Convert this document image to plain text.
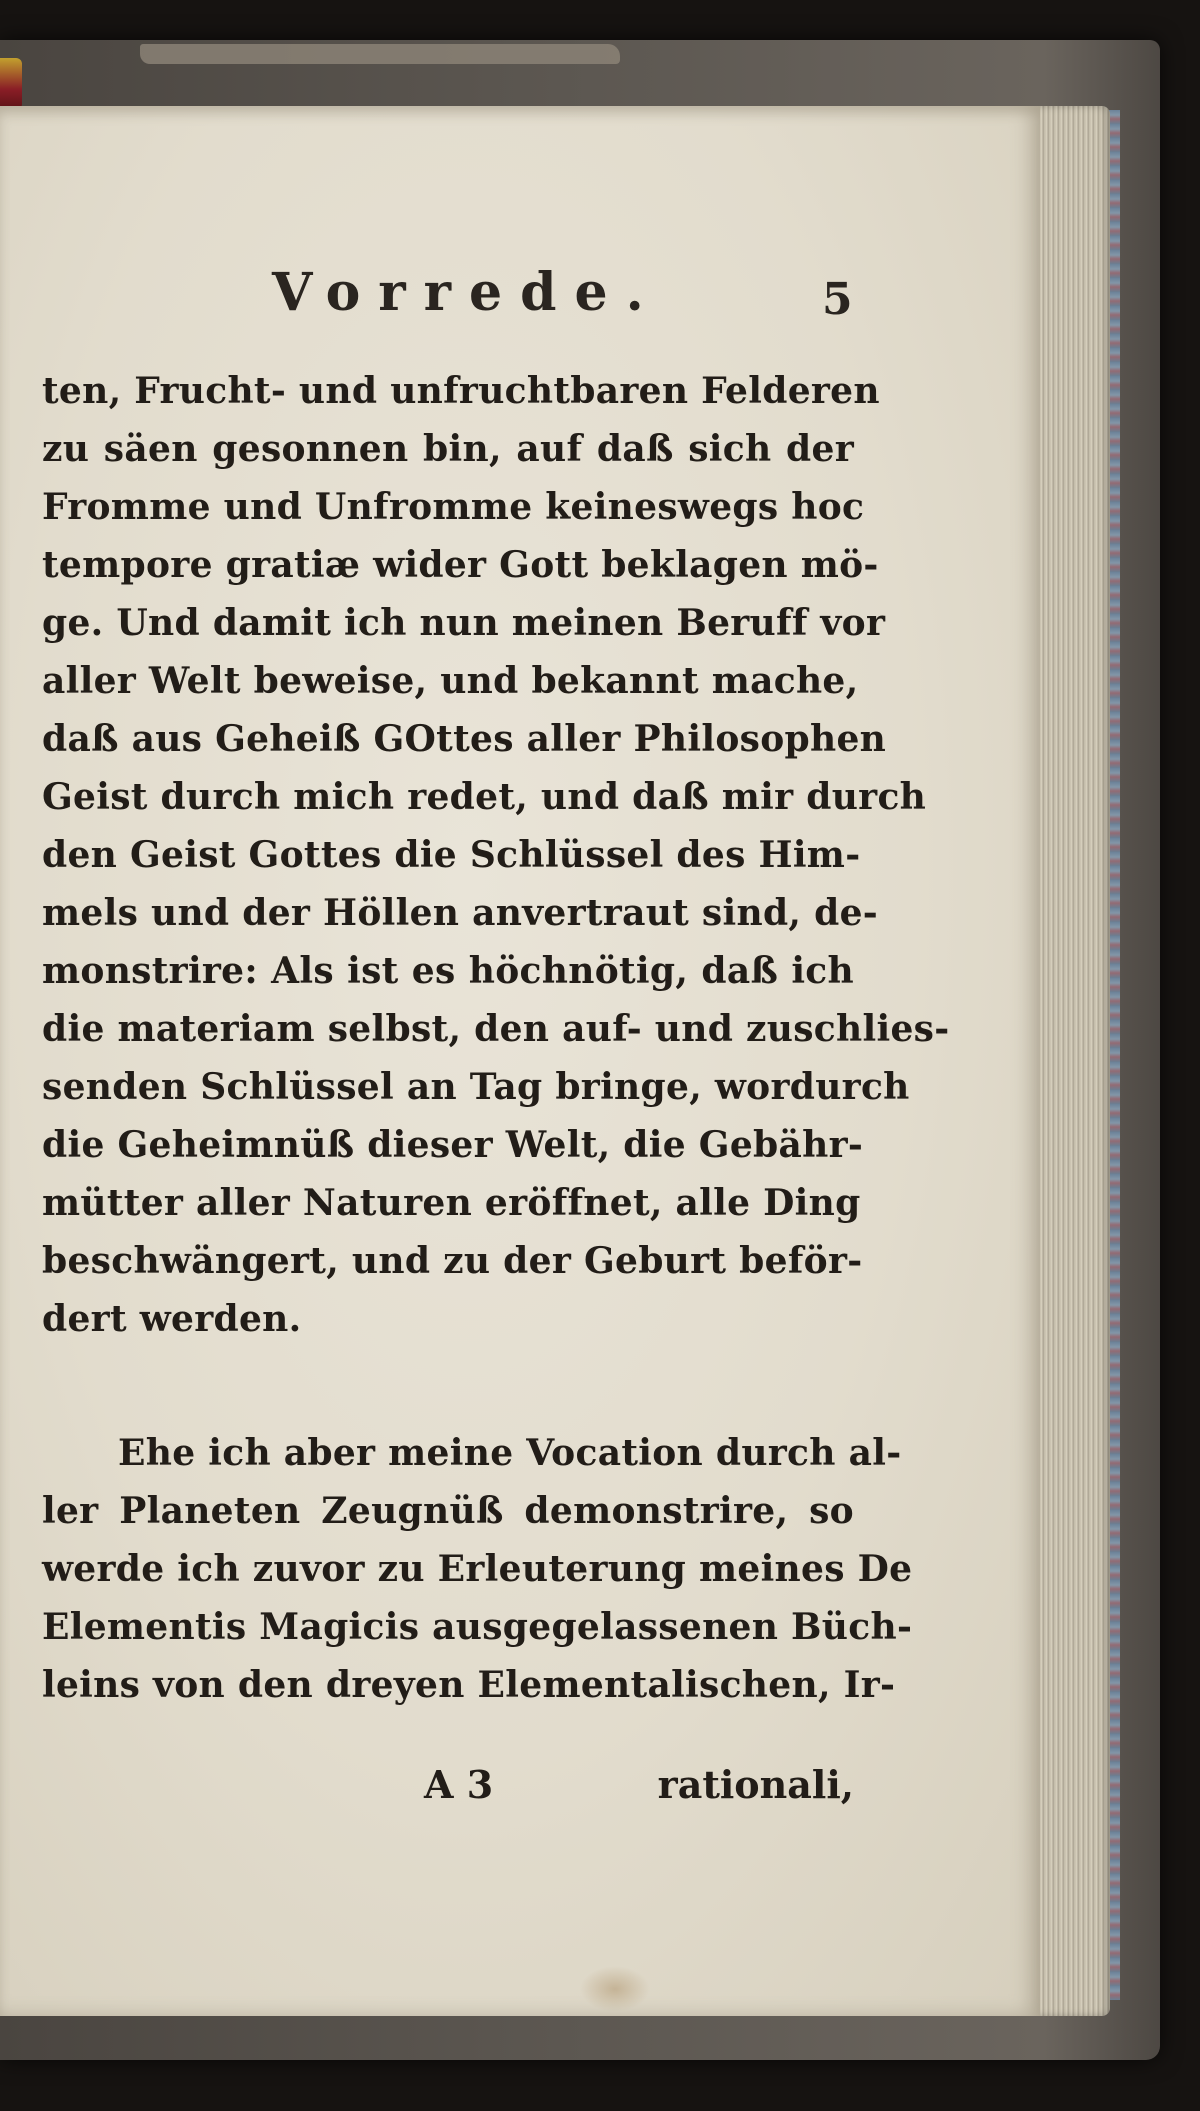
Vorrede.	5
ten, Frucht- und unfruchtbaren Felderen
zu säen gesonnen bin, auf daß sich der
Fromme und Unfromme keineswegs hoc
tempore gratiæ wider Gott beklagen mö-
ge. Und damit ich nun meinen Beruff vor
aller Welt beweise, und bekannt mache,
daß aus Geheiß GOttes aller Philosophen
Geist durch mich redet, und daß mir durch
den Geist Gottes die Schlüssel des Him-
mels und der Höllen anvertraut sind, de-
monstrire: Als ist es höchnötig, daß ich
die materiam selbst, den auf- und zuschlies-
senden Schlüssel an Tag bringe, wordurch
die Geheimnüß dieser Welt, die Gebähr-
mütter aller Naturen eröffnet, alle Ding
beschwängert, und zu der Geburt beför-
dert werden.
Ehe ich aber meine Vocation durch al-
ler Planeten Zeugnüß demonstrire, so
werde ich zuvor zu Erleuterung meines De
Elementis Magicis ausgegelassenen Büch-
leins von den dreyen Elementalischen, Ir-
A 3	rationali,
